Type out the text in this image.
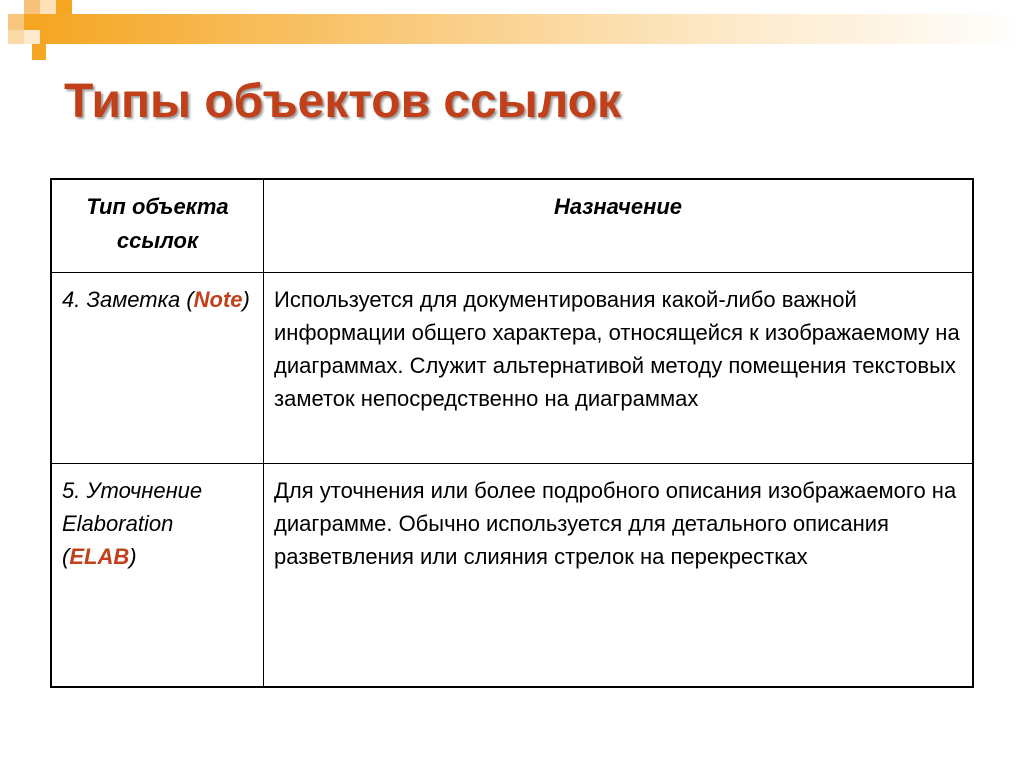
Типы объектов ссылок
Тип объекта ссылок	Назначение
4. Заметка (Note)	Используется для документирования какой-либо важной информации общего характера, относящейся к изображаемому на диаграммах. Служит альтернативой методу помещения текстовых заметок непосредственно на диаграммах
5. Уточнение Elaboration (ELAB)	Для уточнения или более подробного описания изображаемого на диаграмме. Обычно используется для детального описания разветвления или слияния стрелок на перекрестках
